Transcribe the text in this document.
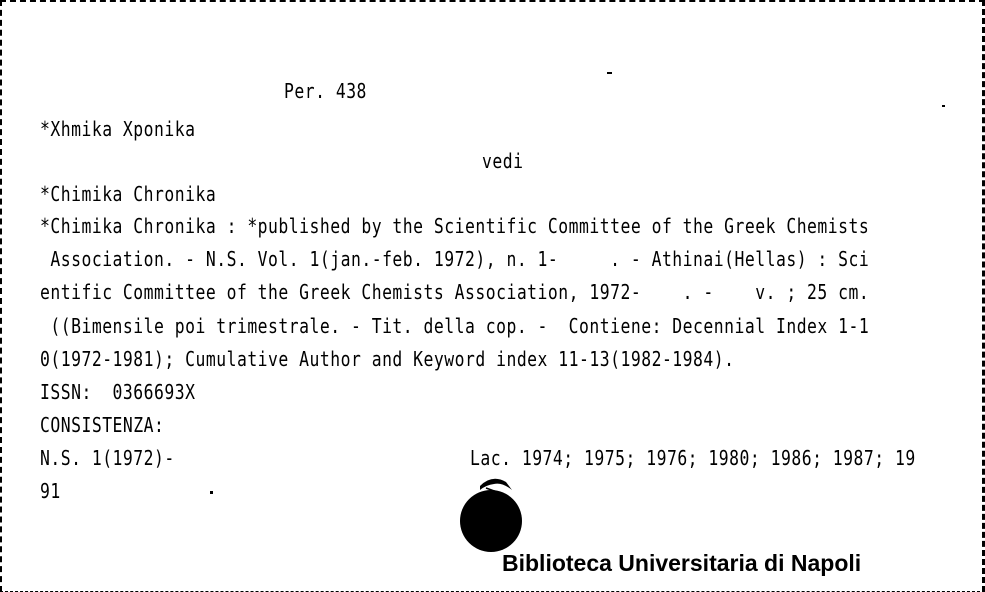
Per. 438
*Xhmika Xponika
vedi
*Chimika Chronika
*Chimika Chronika : *published by the Scientific Committee of the Greek Chemists
Association. - N.S. Vol. 1(jan.-feb. 1972), n. 1-     . - Athinai(Hellas) : Sci
entific Committee of the Greek Chemists Association, 1972-    . -    v. ; 25 cm.
((Bimensile poi trimestrale. - Tit. della cop. -  Contiene: Decennial Index 1-1
0(1972-1981); Cumulative Author and Keyword index 11-13(1982-1984).
ISSN:  0366693X
CONSISTENZA:
N.S. 1(1972)-	Lac. 1974; 1975; 1976; 1980; 1986; 1987; 19
91
Biblioteca Universitaria di Napoli
